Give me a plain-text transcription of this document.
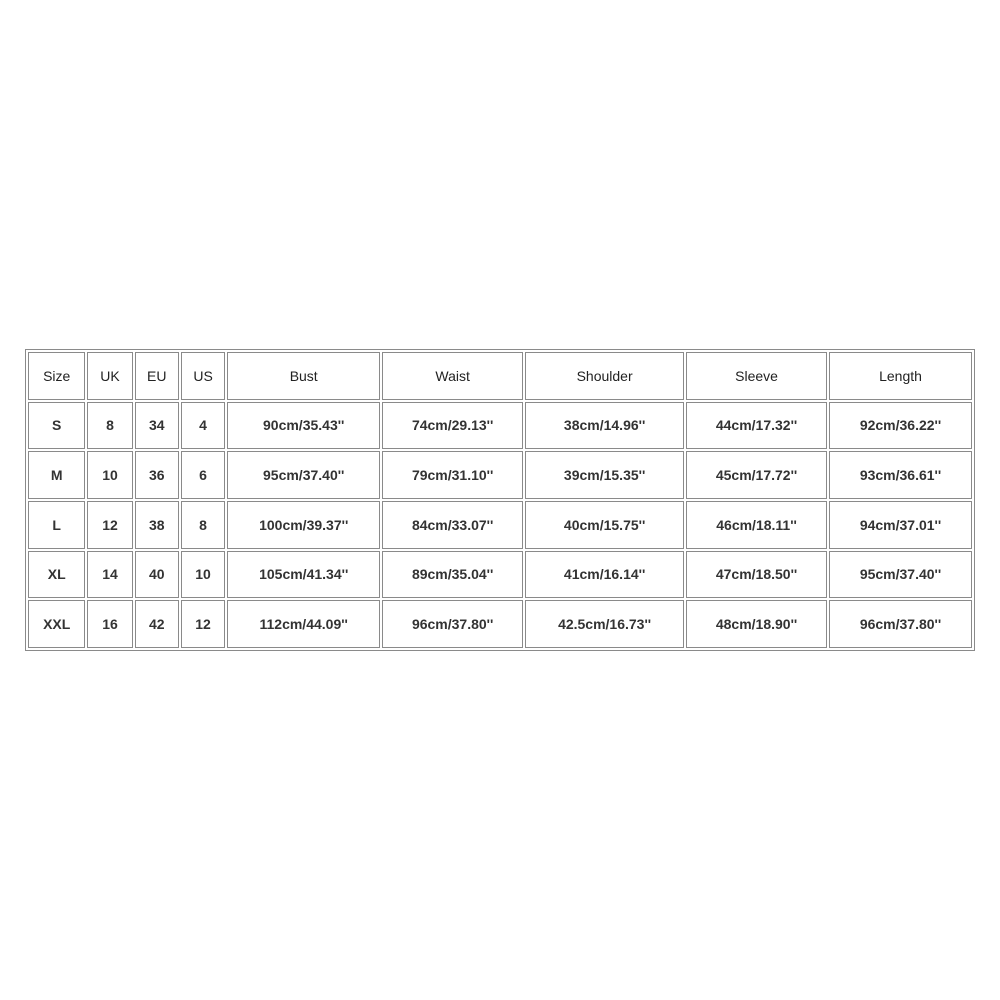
Size	UK	EU	US	Bust	Waist	Shoulder	Sleeve	Length
S	8	34	4	90cm/35.43''	74cm/29.13''	38cm/14.96''	44cm/17.32''	92cm/36.22''
M	10	36	6	95cm/37.40''	79cm/31.10''	39cm/15.35''	45cm/17.72''	93cm/36.61''
L	12	38	8	100cm/39.37''	84cm/33.07''	40cm/15.75''	46cm/18.11''	94cm/37.01''
XL	14	40	10	105cm/41.34''	89cm/35.04''	41cm/16.14''	47cm/18.50''	95cm/37.40''
XXL	16	42	12	112cm/44.09''	96cm/37.80''	42.5cm/16.73''	48cm/18.90''	96cm/37.80''
